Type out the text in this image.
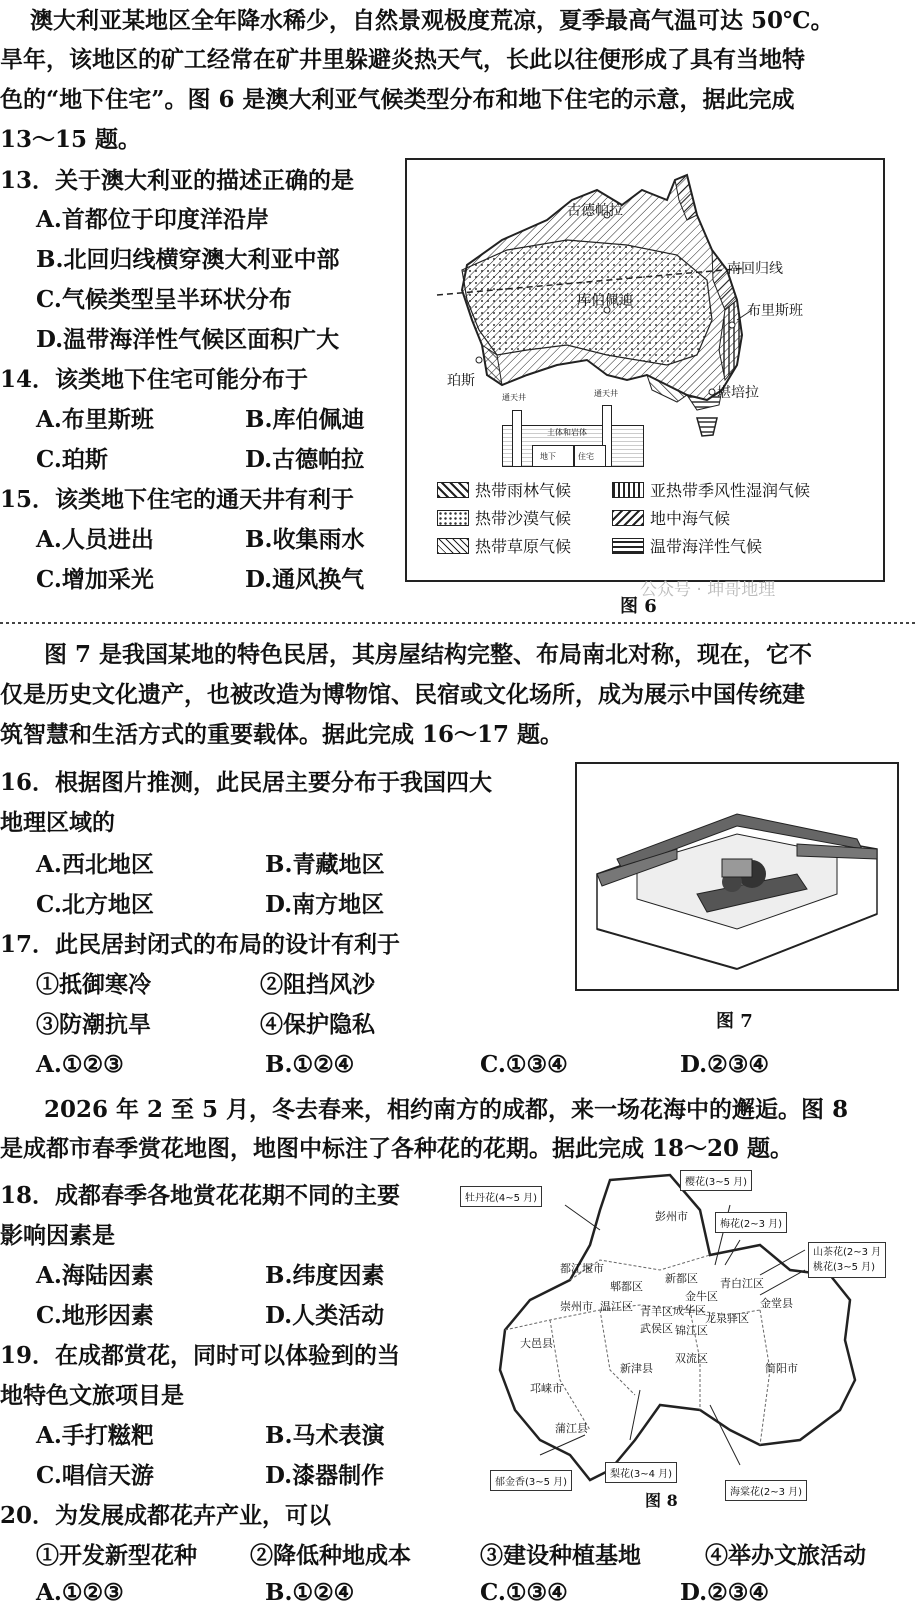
澳大利亚某地区全年降水稀少，自然景观极度荒凉，夏季最高气温可达 50℃。
旱年，该地区的矿工经常在矿井里躲避炎热天气，长此以往便形成了具有当地特
色的“地下住宅”。图 6 是澳大利亚气候类型分布和地下住宅的示意，据此完成
13～15 题。
13．关于澳大利亚的描述正确的是
A.首都位于印度洋沿岸
B.北回归线横穿澳大利亚中部
C.气候类型呈半环状分布
D.温带海洋性气候区面积广大
14．该类地下住宅可能分布于
A.布里斯班	B.库伯佩迪
C.珀斯	D.古德帕拉
15．该类地下住宅的通天井有利于
A.人员进出	B.收集雨水
C.增加采光	D.通风换气
古德帕拉
库伯佩迪
南回归线
布里斯班
珀斯
堪培拉
通天井	通天井
土体和岩体
地下	住宅
热带雨林气候	亚热带季风性湿润气候
热带沙漠气候	地中海气候
热带草原气候	温带海洋性气候
公众号 · 坤哥地理
图 6
图 7 是我国某地的特色民居，其房屋结构完整、布局南北对称，现在，它不
仅是历史文化遗产，也被改造为博物馆、民宿或文化场所，成为展示中国传统建
筑智慧和生活方式的重要载体。据此完成 16～17 题。
16．根据图片推测，此民居主要分布于我国四大
地理区域的
A.西北地区	B.青藏地区
C.北方地区	D.南方地区
17．此民居封闭式的布局的设计有利于
①抵御寒冷	②阻挡风沙
③防潮抗旱	④保护隐私
A.①②③	B.①②④	C.①③④	D.②③④
图 7
2026 年 2 至 5 月，冬去春来，相约南方的成都，来一场花海中的邂逅。图 8
是成都市春季赏花地图，地图中标注了各种花的花期。据此完成 18～20 题。
18．成都春季各地赏花花期不同的主要
影响因素是
A.海陆因素	B.纬度因素
C.地形因素	D.人类活动
19．在成都赏花，同时可以体验到的当
地特色文旅项目是
A.手打糍粑	B.马术表演
C.唱信天游	D.漆器制作
20．为发展成都花卉产业，可以
①开发新型花种 ②降低种地成本	③建设种植基地	④举办文旅活动
A.①②③	B.①②④	C.①③④	D.②③④
牡丹花(4~5 月)
樱花(3~5 月)
梅花(2~3 月)
山茶花(2~3 月
桃花(3~5 月)
梨花(3~4 月)
海棠花(2~3 月)
郁金香(3~5 月)
彭州市
都江堰市
郫都区
新都区 青白江区
金牛区
成华区
崇州市 温江区 青羊区
龙泉驿区
武侯区 锦江区
金堂县
大邑县
新津县
双流区
简阳市
邛崃市
蒲江县
图 8
